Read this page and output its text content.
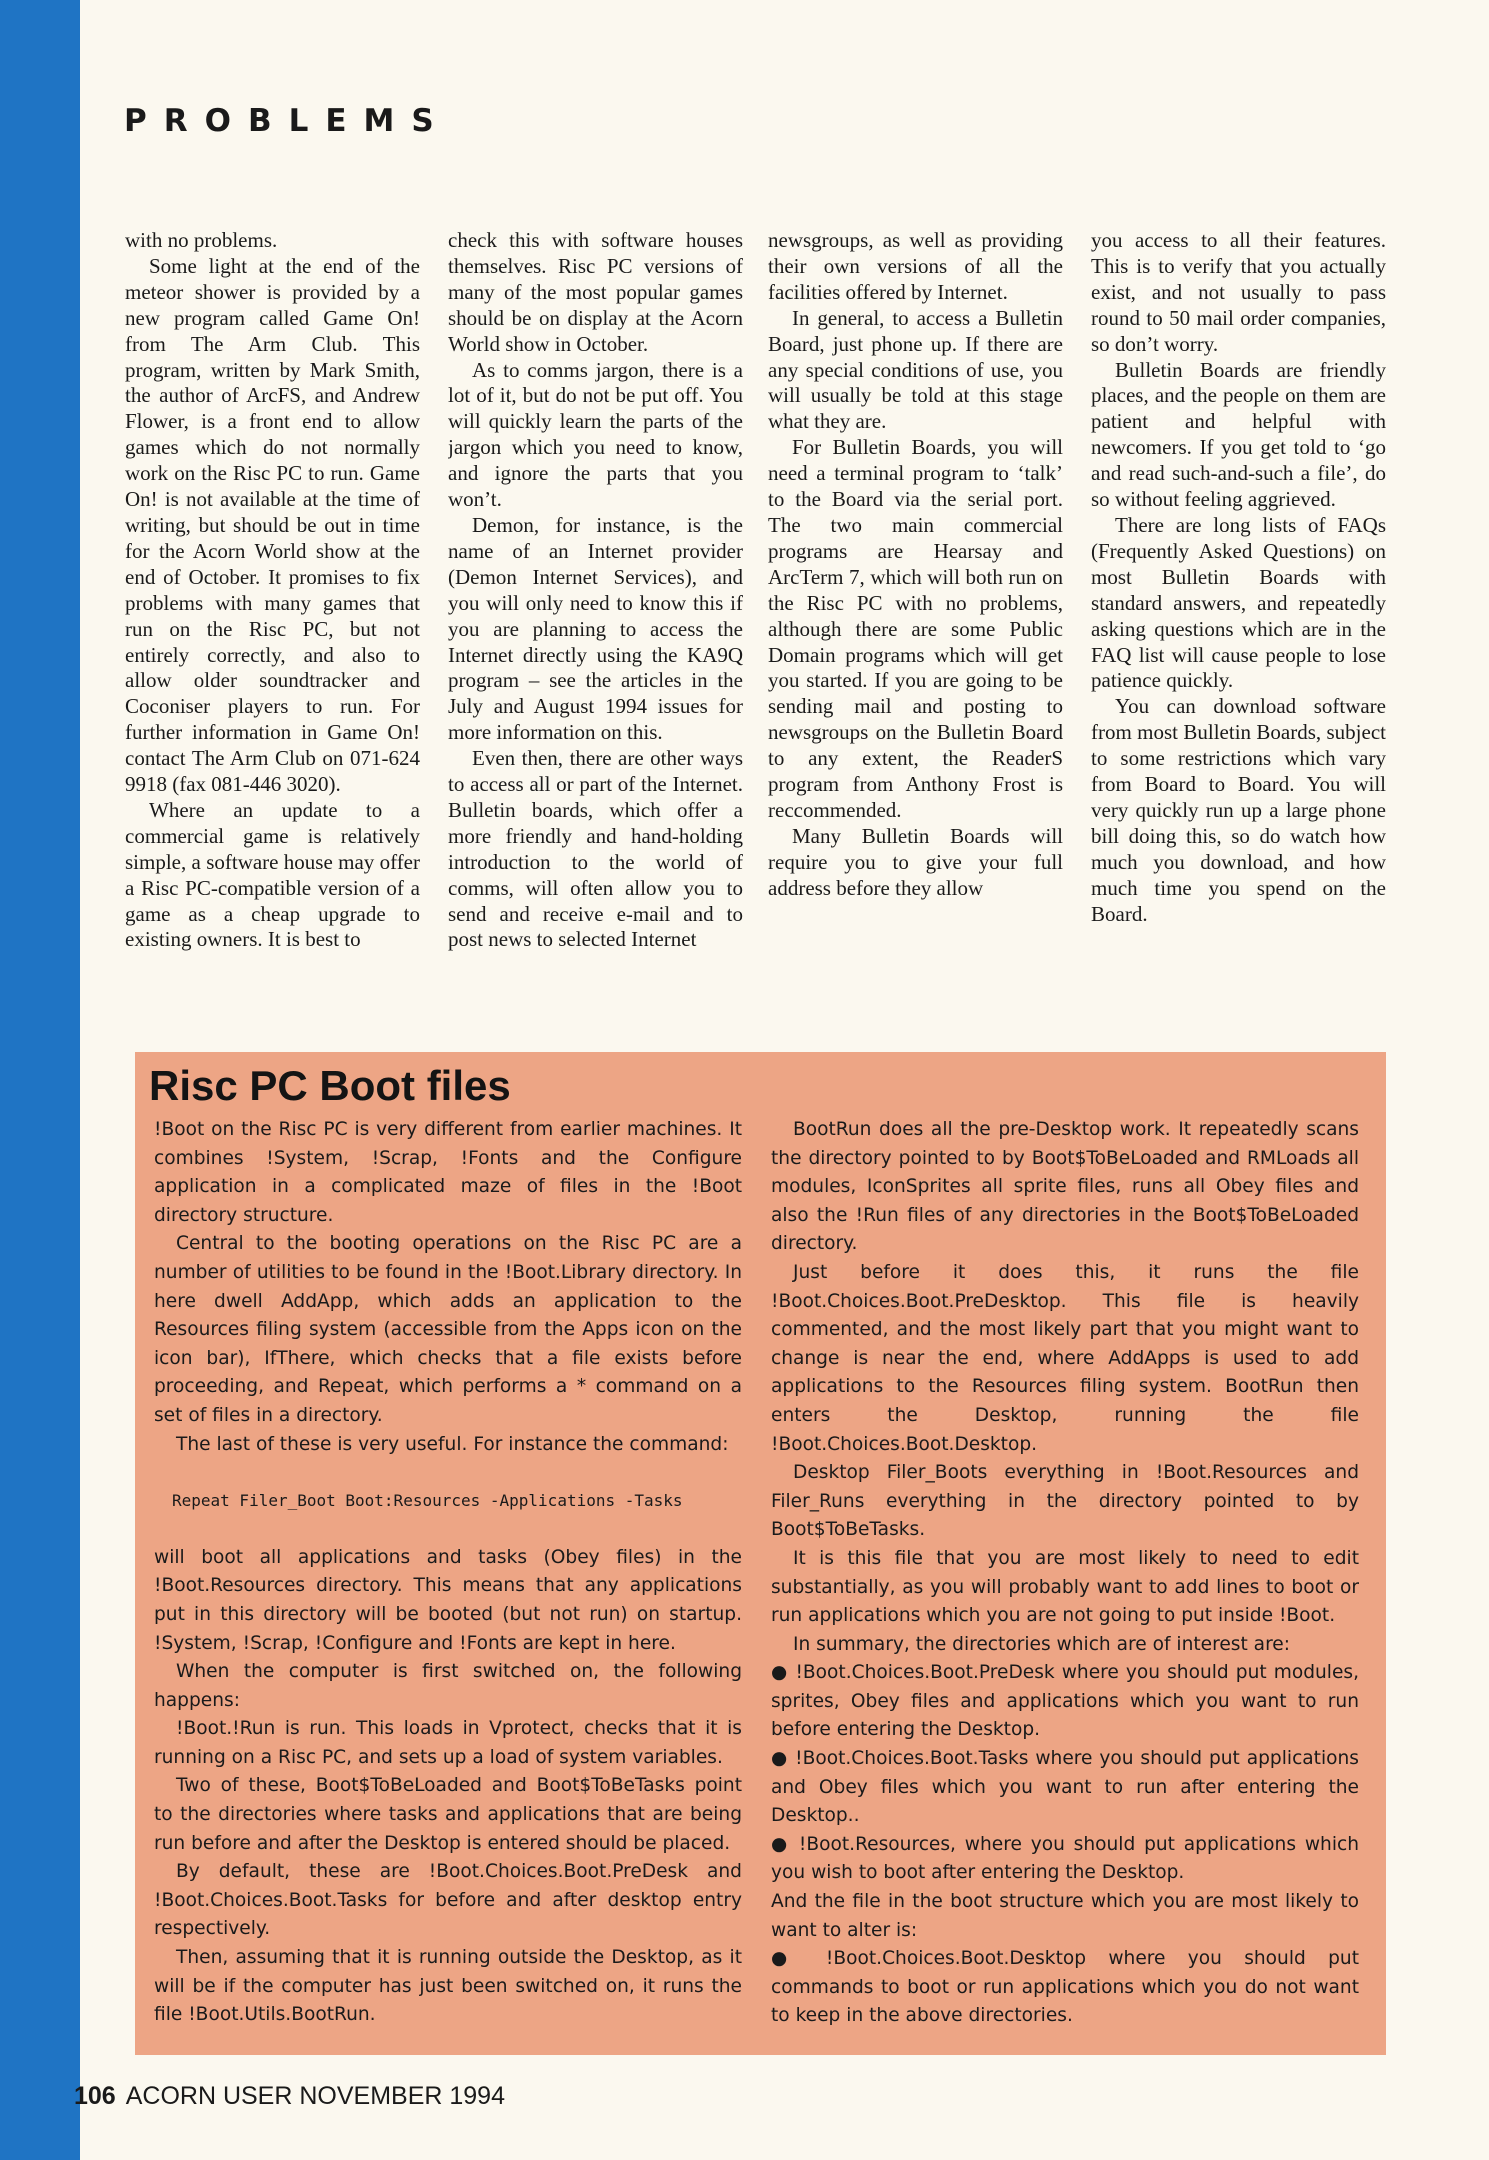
PROBLEMS

with no problems.

Some light at the end of the meteor shower is provided by a new program called Game On! from The Arm Club. This program, written by Mark Smith, the author of ArcFS, and Andrew Flower, is a front end to allow games which do not normally work on the Risc PC to run. Game On! is not available at the time of writing, but should be out in time for the Acorn World show at the end of October. It promises to fix problems with many games that run on the Risc PC, but not entirely correctly, and also to allow older soundtracker and Coconiser players to run. For further information in Game On! contact The Arm Club on 071-624 9918 (fax 081-446 3020).

Where an update to a commercial game is relatively simple, a software house may offer a Risc PC-compatible version of a game as a cheap upgrade to existing owners. It is best to

check this with software houses themselves. Risc PC versions of many of the most popular games should be on display at the Acorn World show in October.

As to comms jargon, there is a lot of it, but do not be put off. You will quickly learn the parts of the jargon which you need to know, and ignore the parts that you won’t.

Demon, for instance, is the name of an Internet provider (Demon Internet Services), and you will only need to know this if you are planning to access the Internet directly using the KA9Q program – see the articles in the July and August 1994 issues for more information on this.

Even then, there are other ways to access all or part of the Internet. Bulletin boards, which offer a more friendly and hand-holding introduction to the world of comms, will often allow you to send and receive e-mail and to post news to selected Internet

newsgroups, as well as providing their own versions of all the facilities offered by Internet.

In general, to access a Bulletin Board, just phone up. If there are any special conditions of use, you will usually be told at this stage what they are.

For Bulletin Boards, you will need a terminal program to ‘talk’ to the Board via the serial port. The two main commercial programs are Hearsay and ArcTerm 7, which will both run on the Risc PC with no problems, although there are some Public Domain programs which will get you started. If you are going to be sending mail and posting to newsgroups on the Bulletin Board to any extent, the ReaderS program from Anthony Frost is reccommended.

Many Bulletin Boards will require you to give your full address before they allow

you access to all their features. This is to verify that you actually exist, and not usually to pass round to 50 mail order companies, so don’t worry.

Bulletin Boards are friendly places, and the people on them are patient and helpful with newcomers. If you get told to ‘go and read such-and-such a file’, do so without feeling aggrieved.

There are long lists of FAQs (Frequently Asked Questions) on most Bulletin Boards with standard answers, and repeatedly asking questions which are in the FAQ list will cause people to lose patience quickly.

You can download software from most Bulletin Boards, subject to some restrictions which vary from Board to Board. You will very quickly run up a large phone bill doing this, so do watch how much you download, and how much time you spend on the Board.

Risc PC Boot files

!Boot on the Risc PC is very different from earlier machines. It combines !System, !Scrap, !Fonts and the Configure application in a complicated maze of files in the !Boot directory structure.

Central to the booting operations on the Risc PC are a number of utilities to be found in the !Boot.Library directory. In here dwell AddApp, which adds an application to the Resources filing system (accessible from the Apps icon on the icon bar), IfThere, which checks that a file exists before proceeding, and Repeat, which performs a * command on a set of files in a directory.

The last of these is very useful. For instance the command:

Repeat Filer_Boot Boot:Resources -Applications -Tasks

will boot all applications and tasks (Obey files) in the !Boot.Resources directory. This means that any applications put in this directory will be booted (but not run) on startup. !System, !Scrap, !Configure and !Fonts are kept in here.

When the computer is first switched on, the following happens:

!Boot.!Run is run. This loads in Vprotect, checks that it is running on a Risc PC, and sets up a load of system variables.

Two of these, Boot$ToBeLoaded and Boot$ToBeTasks point to the directories where tasks and applications that are being run before and after the Desktop is entered should be placed.

By default, these are !Boot.Choices.Boot.PreDesk and !Boot.Choices.Boot.Tasks for before and after desktop entry respectively.

Then, assuming that it is running outside the Desktop, as it will be if the computer has just been switched on, it runs the file !Boot.Utils.BootRun.

BootRun does all the pre-Desktop work. It repeatedly scans the directory pointed to by Boot$ToBeLoaded and RMLoads all modules, IconSprites all sprite files, runs all Obey files and also the !Run files of any directories in the Boot$ToBeLoaded directory.

Just before it does this, it runs the file !Boot.Choices.Boot.PreDesktop. This file is heavily commented, and the most likely part that you might want to change is near the end, where AddApps is used to add applications to the Resources filing system. BootRun then enters the Desktop, running the file !Boot.Choices.Boot.Desktop.

Desktop Filer_Boots everything in !Boot.Resources and Filer_Runs everything in the directory pointed to by Boot$ToBeTasks.

It is this file that you are most likely to need to edit substantially, as you will probably want to add lines to boot or run applications which you are not going to put inside !Boot.

In summary, the directories which are of interest are:

● !Boot.Choices.Boot.PreDesk where you should put modules, sprites, Obey files and applications which you want to run before entering the Desktop.

● !Boot.Choices.Boot.Tasks where you should put applications and Obey files which you want to run after entering the Desktop..

● !Boot.Resources, where you should put applications which you wish to boot after entering the Desktop.

And the file in the boot structure which you are most likely to want to alter is:

● !Boot.Choices.Boot.Desktop where you should put commands to boot or run applications which you do not want to keep in the above directories.

106 ACORN USER NOVEMBER 1994
